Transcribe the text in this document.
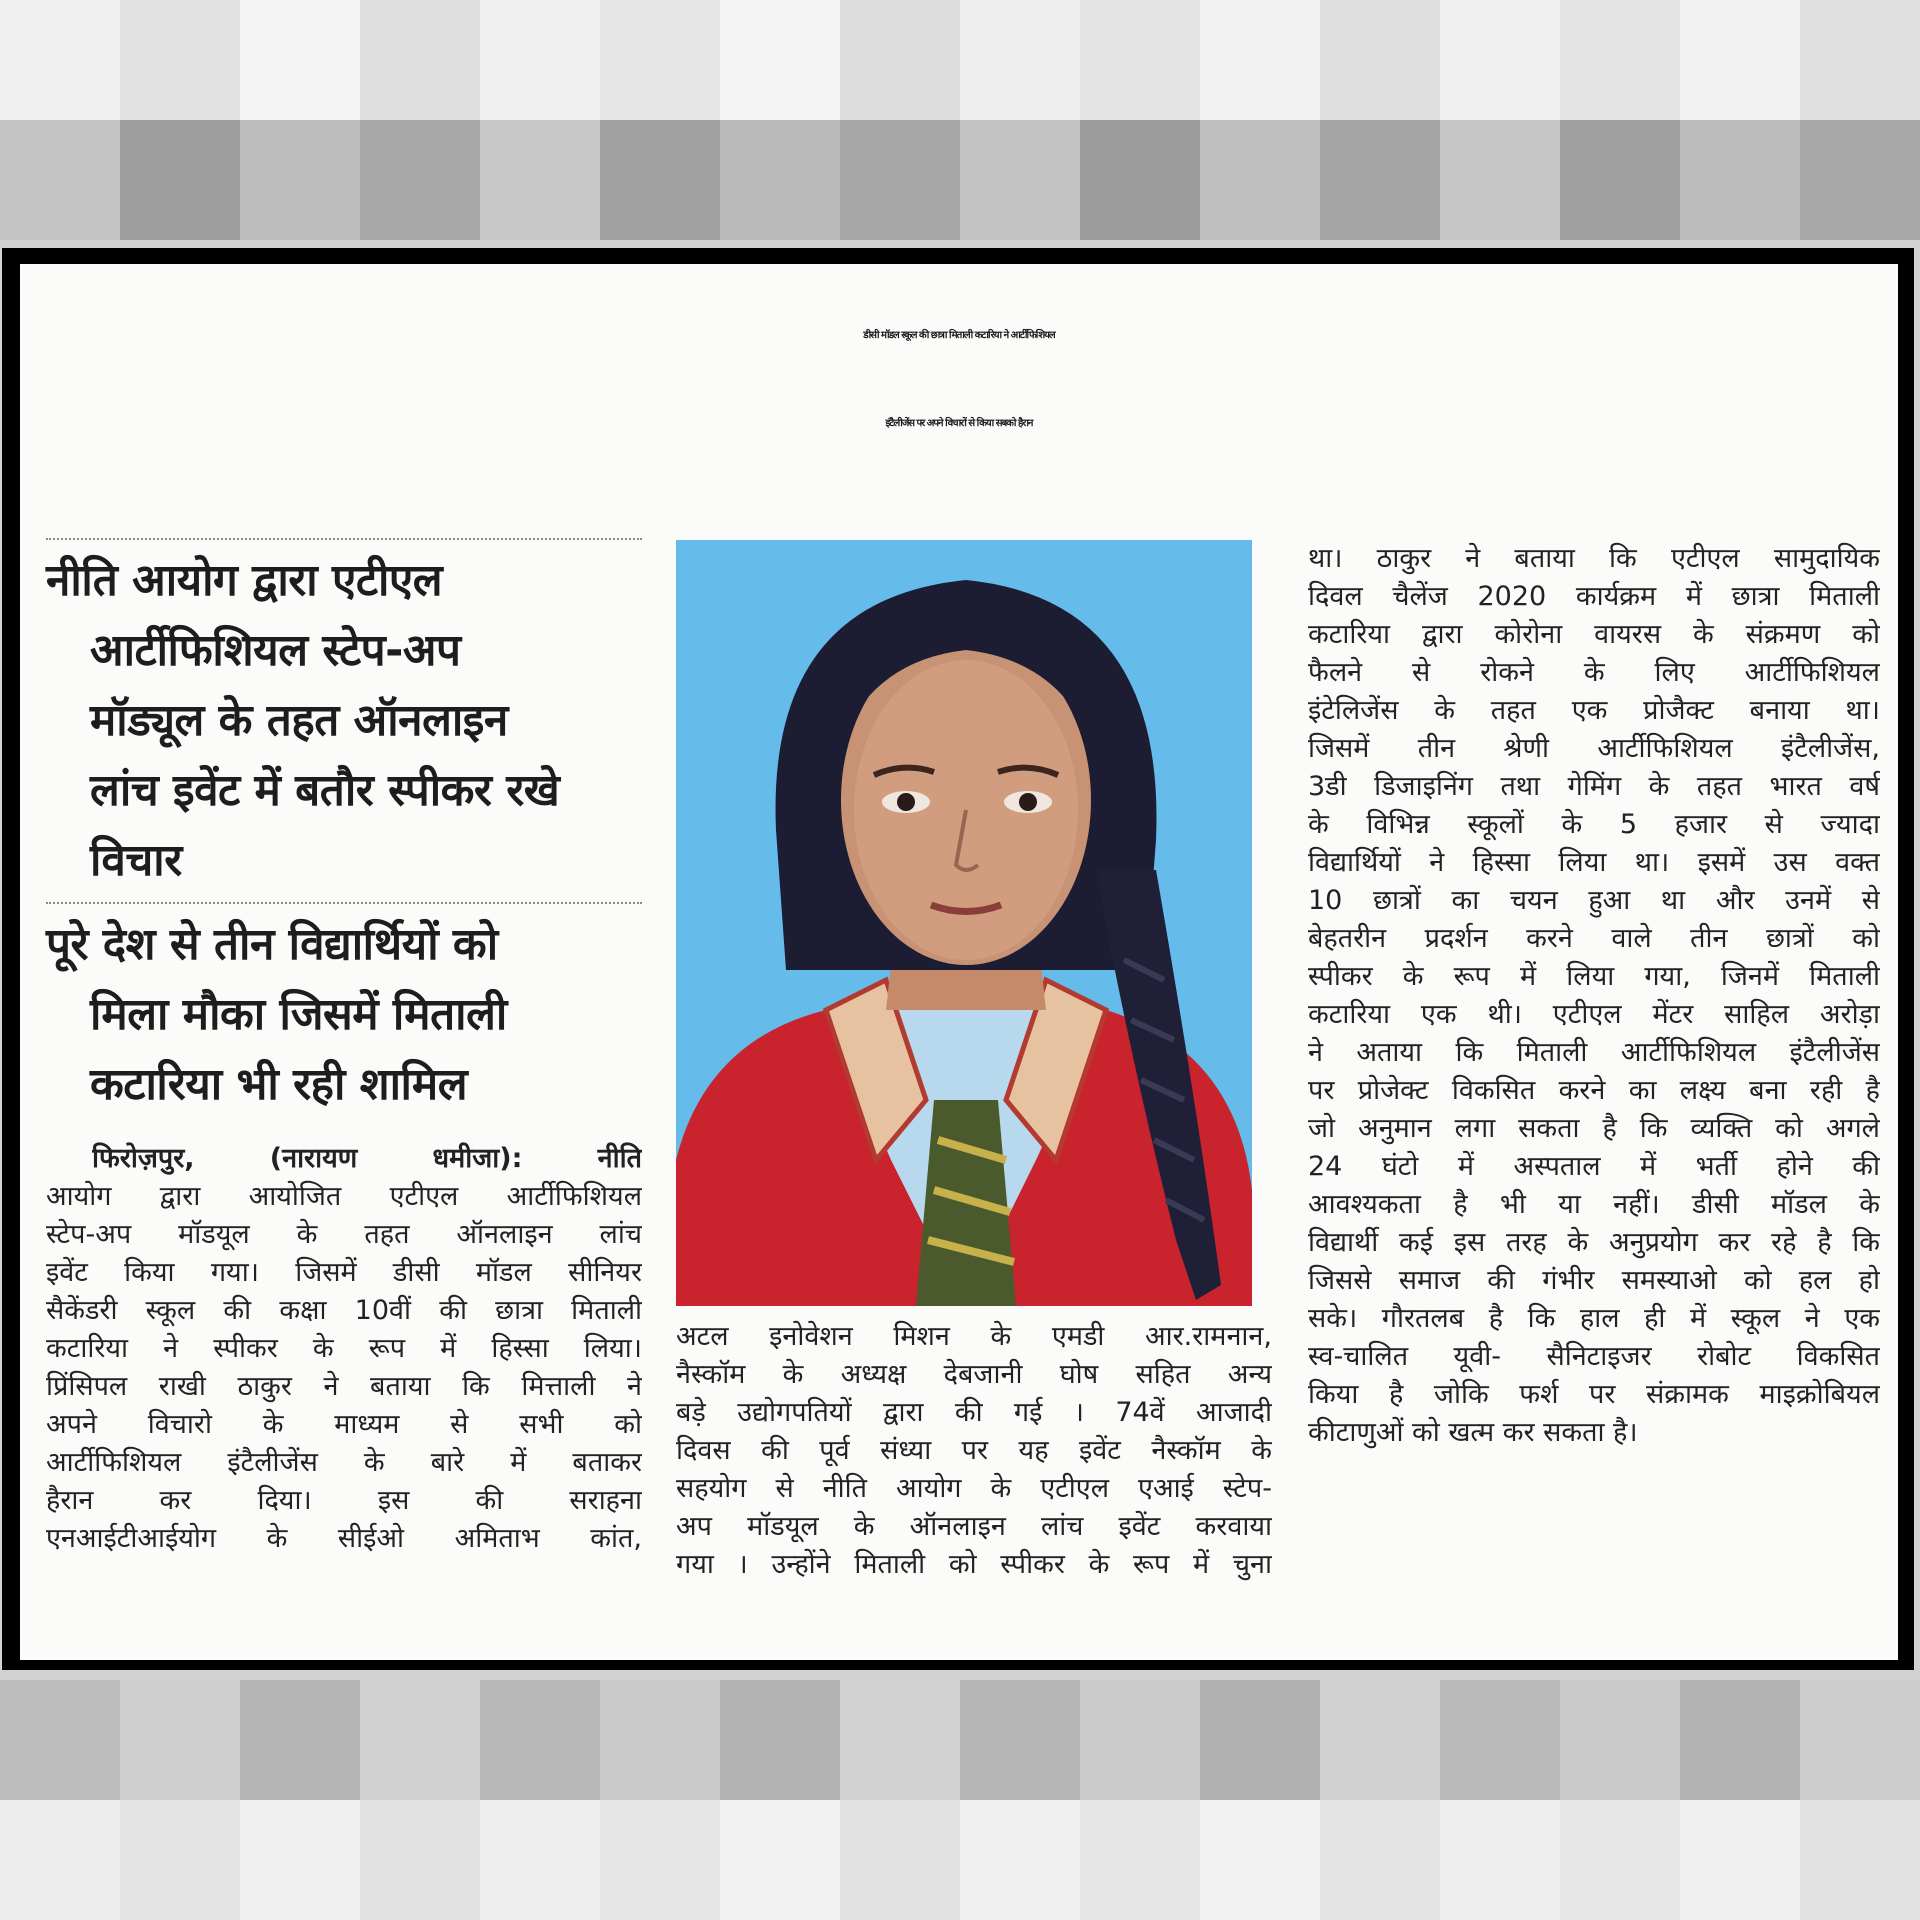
डीसी मॉडल स्कूल की छात्रा मिताली कटारिया ने आर्टीफिशियल
इंटैलीजेंस पर अपने विचारों से किया सबको हैरान
नीति आयोग द्वारा एटीएल
आर्टीफिशियल स्टेप-अप
मॉड्यूल के तहत ऑनलाइन
लांच इवेंट में बतौर स्पीकर रखे
विचार
पूरे देश से तीन विद्यार्थियों को
मिला मौका जिसमें मिताली
कटारिया भी रही शामिल
फिरोज़पुर, (नारायण धमीजा): नीति
आयोग द्वारा आयोजित एटीएल आर्टीफिशियल
स्टेप-अप मॉडयूल के तहत ऑनलाइन लांच
इवेंट किया गया। जिसमें डीसी मॉडल सीनियर
सैकेंडरी स्कूल की कक्षा 10वीं की छात्रा मिताली
कटारिया ने स्पीकर के रूप में हिस्सा लिया।
प्रिंसिपल राखी ठाकुर ने बताया कि मित्ताली ने
अपने विचारो के माध्यम से सभी को
आर्टीफिशियल इंटैलीजेंस के बारे में बताकर
हैरान कर दिया। इस की सराहना
एनआईटीआईयोग के सीईओ अमिताभ कांत,
अटल इनोवेशन मिशन के एमडी आर.रामनान,
नैस्कॉम के अध्यक्ष देबजानी घोष सहित अन्य
बड़े उद्योगपतियों द्वारा की गई । 74वें आजादी
दिवस की पूर्व संध्या पर यह इवेंट नैस्कॉम के
सहयोग से नीति आयोग के एटीएल एआई स्टेप-
अप मॉडयूल के ऑनलाइन लांच इवेंट करवाया
गया । उन्होंने मिताली को स्पीकर के रूप में चुना
था। ठाकुर ने बताया कि एटीएल सामुदायिक
दिवल चैलेंज 2020 कार्यक्रम में छात्रा मिताली
कटारिया द्वारा कोरोना वायरस के संक्रमण को
फैलने से रोकने के लिए आर्टीफिशियल
इंटेलिजेंस के तहत एक प्रोजैक्ट बनाया था।
जिसमें तीन श्रेणी आर्टीफिशियल इंटैलीजेंस,
3डी डिजाइनिंग तथा गेमिंग के तहत भारत वर्ष
के विभिन्न स्कूलों के 5 हजार से ज्यादा
विद्यार्थियों ने हिस्सा लिया था। इसमें उस वक्त
10 छात्रों का चयन हुआ था और उनमें से
बेहतरीन प्रदर्शन करने वाले तीन छात्रों को
स्पीकर के रूप में लिया गया, जिनमें मिताली
कटारिया एक थी। एटीएल मेंटर साहिल अरोड़ा
ने अताया कि मिताली आर्टीफिशियल इंटैलीजेंस
पर प्रोजेक्ट विकसित करने का लक्ष्य बना रही है
जो अनुमान लगा सकता है कि व्यक्ति को अगले
24 घंटो में अस्पताल में भर्ती होने की
आवश्यकता है भी या नहीं। डीसी मॉडल के
विद्यार्थी कई इस तरह के अनुप्रयोग कर रहे है कि
जिससे समाज की गंभीर समस्याओ को हल हो
सके। गौरतलब है कि हाल ही में स्कूल ने एक
स्व-चालित यूवी- सैनिटाइजर रोबोट विकसित
किया है जोकि फर्श पर संक्रामक माइक्रोबियल
कीटाणुओं को खत्म कर सकता है।
